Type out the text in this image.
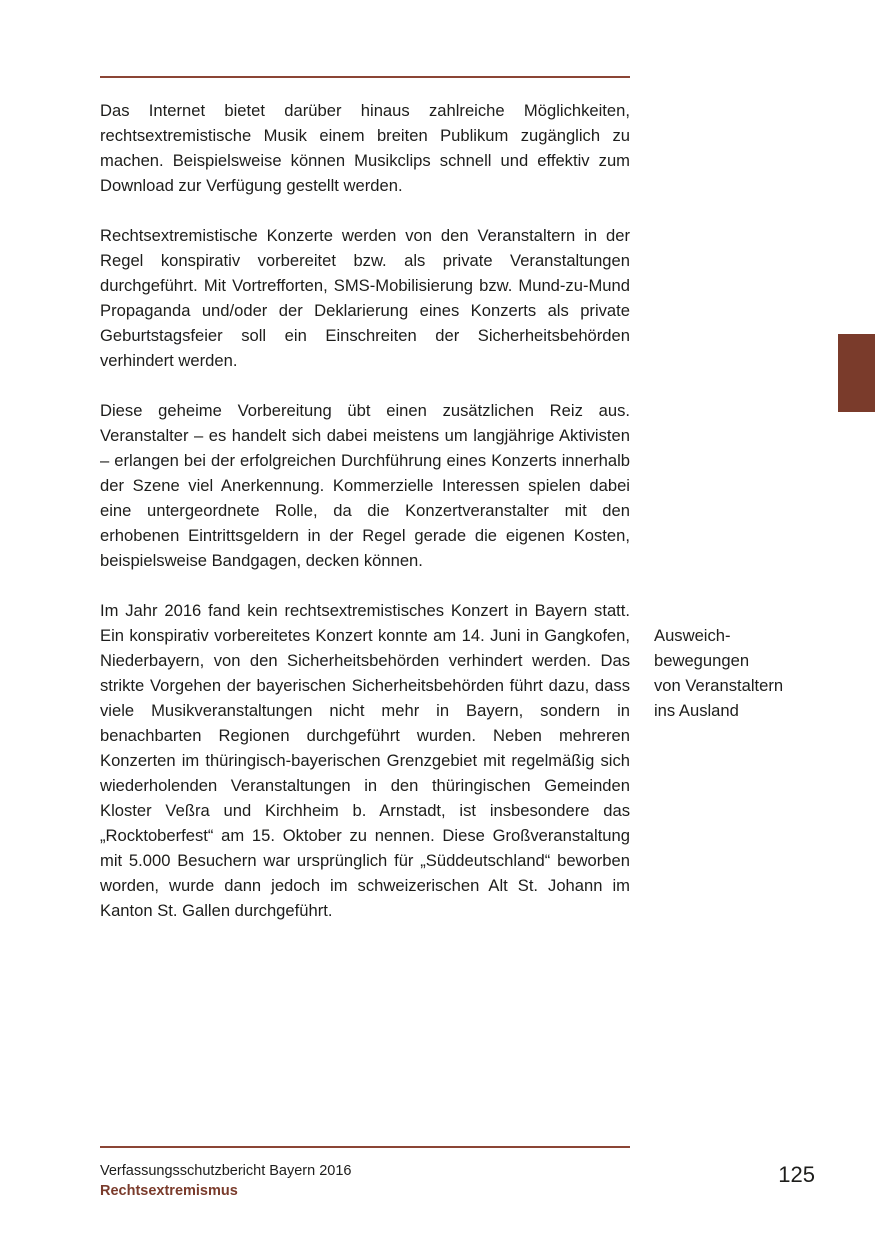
Das Internet bietet darüber hinaus zahlreiche Möglichkeiten, rechtsextremistische Musik einem breiten Publikum zugänglich zu machen. Beispielsweise können Musikclips schnell und effektiv zum Download zur Verfügung gestellt werden.

Rechtsextremistische Konzerte werden von den Veranstaltern in der Regel konspirativ vorbereitet bzw. als private Veranstaltungen durchgeführt. Mit Vortrefforten, SMS-Mobilisierung bzw. Mund-zu-Mund Propaganda und/oder der Deklarierung eines Konzerts als private Geburtstagsfeier soll ein Einschreiten der Sicherheitsbehörden verhindert werden.

Diese geheime Vorbereitung übt einen zusätzlichen Reiz aus. Veranstalter – es handelt sich dabei meistens um langjährige Aktivisten – erlangen bei der erfolgreichen Durchführung eines Konzerts innerhalb der Szene viel Anerkennung. Kommerzielle Interessen spielen dabei eine untergeordnete Rolle, da die Konzertveranstalter mit den erhobenen Eintrittsgeldern in der Regel gerade die eigenen Kosten, beispielsweise Bandgagen, decken können.

Im Jahr 2016 fand kein rechtsextremistisches Konzert in Bayern statt. Ein konspirativ vorbereitetes Konzert konnte am 14. Juni in Gangkofen, Niederbayern, von den Sicherheitsbehörden verhindert werden. Das strikte Vorgehen der bayerischen Sicherheitsbehörden führt dazu, dass viele Musikveranstaltungen nicht mehr in Bayern, sondern in benachbarten Regionen durchgeführt wurden. Neben mehreren Konzerten im thüringisch-bayerischen Grenzgebiet mit regelmäßig sich wiederholenden Veranstaltungen in den thüringischen Gemeinden Kloster Veßra und Kirchheim b. Arnstadt, ist insbesondere das „Rocktoberfest“ am 15. Oktober zu nennen. Diese Großveranstaltung mit 5.000 Besuchern war ursprünglich für „Süddeutschland“ beworben worden, wurde dann jedoch im schweizerischen Alt St. Johann im Kanton St. Gallen durchgeführt.

Ausweich-
bewegungen
von Veranstaltern
ins Ausland
Verfassungsschutzbericht Bayern 2016
Rechtsextremismus
125
